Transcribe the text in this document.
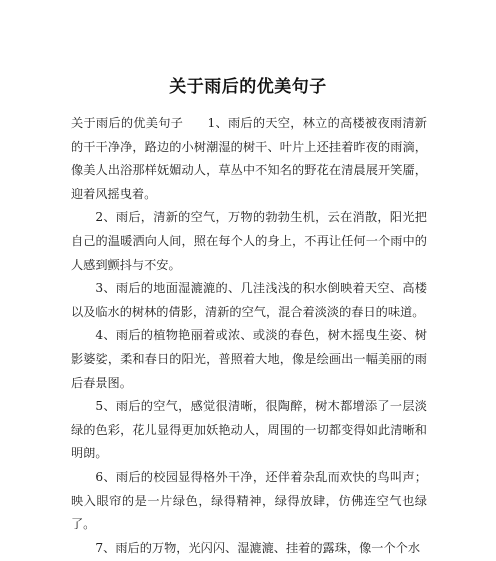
关于雨后的优美句子

关于雨后的优美句子 1、雨后的天空，林立的高楼被夜雨清新的干干净净，路边的小树潮湿的树干、叶片上还挂着昨夜的雨滴，像美人出浴那样妩媚动人，草丛中不知名的野花在清晨展开笑靥，迎着风摇曳着。

2、雨后，清新的空气，万物的勃勃生机，云在消散，阳光把自己的温暖洒向人间，照在每个人的身上，不再让任何一个雨中的人感到颤抖与不安。

3、雨后的地面湿漉漉的、几洼浅浅的积水倒映着天空、高楼以及临水的树林的倩影，清新的空气，混合着淡淡的春日的味道。

4、雨后的植物艳丽着或浓、或淡的春色，树木摇曳生姿、树影婆娑，柔和春日的阳光，普照着大地，像是绘画出一幅美丽的雨后春景图。

5、雨后的空气，感觉很清晰，很陶醉，树木都增添了一层淡绿的色彩，花儿显得更加妖艳动人，周围的一切都变得如此清晰和明朗。

6、雨后的校园显得格外干净，还伴着杂乱而欢快的鸟叫声；映入眼帘的是一片绿色，绿得精神，绿得放肆，仿佛连空气也绿了。

7、雨后的万物，光闪闪、湿漉漉、挂着的露珠，像一个个水
